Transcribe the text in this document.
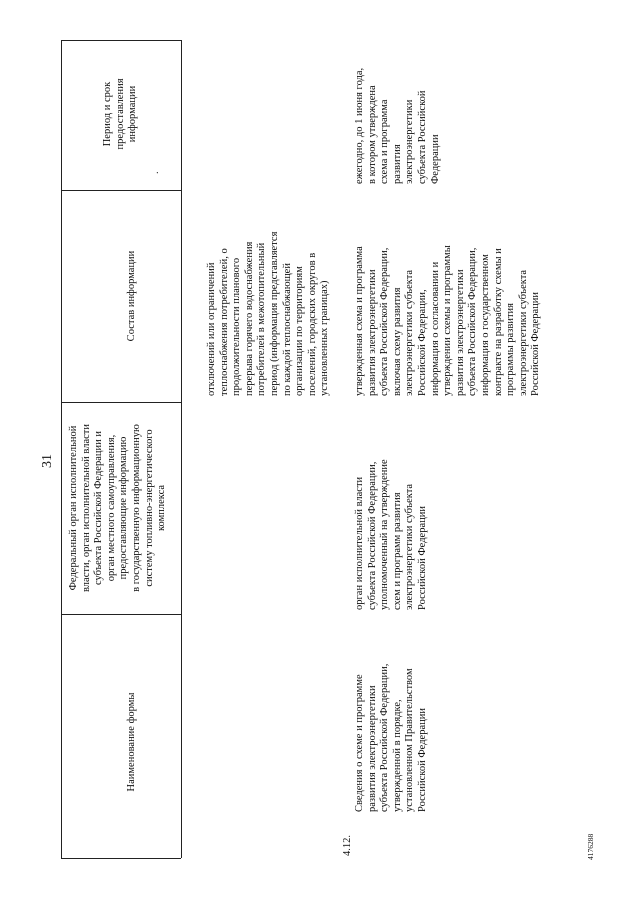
31
4176288
Наименование формы
Федеральный орган исполнительной
власти, орган исполнительной власти
субъекта Российской Федерации и
орган местного самоуправления,
предоставляющие информацию
в государственную информационную
систему топливно-энергетического
комплекса
Состав информации
Период и срок
предоставления
информации
.
отключений или ограничений
теплоснабжения потребителей, о
продолжительности планового
перерыва горячего водоснабжения
потребителей в межотопительный
период (информация представляется
по каждой теплоснабжающей
организации по территориям
поселений, городских округов в
установленных границах)
4.12.
Сведения о схеме и программе
развития электроэнергетики
субъекта Российской Федерации,
утвержденной в порядке,
установленном Правительством
Российской Федерации
орган исполнительной власти
субъекта Российской Федерации,
уполномоченный на утверждение
схем и программ развития
электроэнергетики субъекта
Российской Федерации
утвержденная схема и программа
развития электроэнергетики
субъекта Российской Федерации,
включая схему развития
электроэнергетики субъекта
Российской Федерации,
информация о согласовании и
утверждении схемы и программы
развития электроэнергетики
субъекта Российской Федерации,
информация о государственном
контракте на разработку схемы и
программы развития
электроэнергетики субъекта
Российской Федерации
ежегодно, до 1 июня года,
в котором утверждена
схема и программа
развития
электроэнергетики
субъекта Российской
Федерации
